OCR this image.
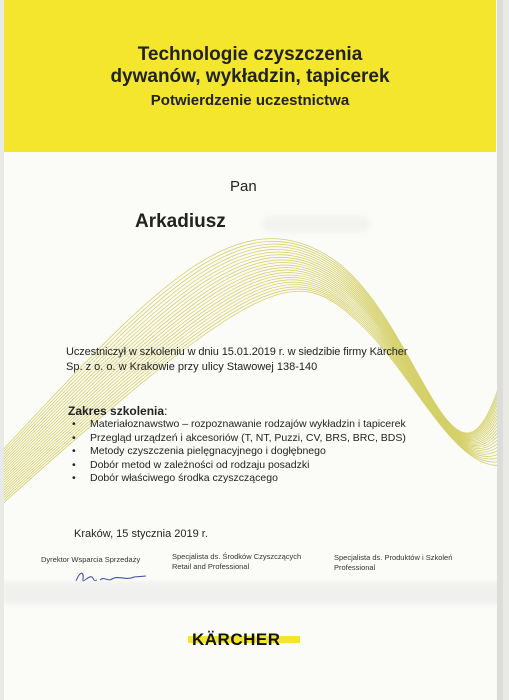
Technologie czyszczenia
dywanów, wykładzin, tapicerek
Potwierdzenie uczestnictwa
Pan
Arkadiusz
Uczestniczył w szkoleniu w dniu 15.01.2019 r. w siedzibie firmy Kärcher
Sp. z o. o. w Krakowie przy ulicy Stawowej 138-140
Zakres szkolenia:
• Materiałoznawstwo – rozpoznawanie rodzajów wykładzin i tapicerek
• Przegląd urządzeń i akcesoriów (T, NT, Puzzi, CV, BRS, BRC, BDS)
• Metody czyszczenia pielęgnacyjnego i dogłębnego
• Dobór metod w zależności od rodzaju posadzki
• Dobór właściwego środka czyszczącego
Kraków, 15 stycznia 2019 r.
Dyrektor Wsparcia Sprzedaży	Specjalista ds. Środków Czyszczących
Retail and Professional
Specjalista ds. Produktów i Szkoleń
Professional
KÄRCHER
